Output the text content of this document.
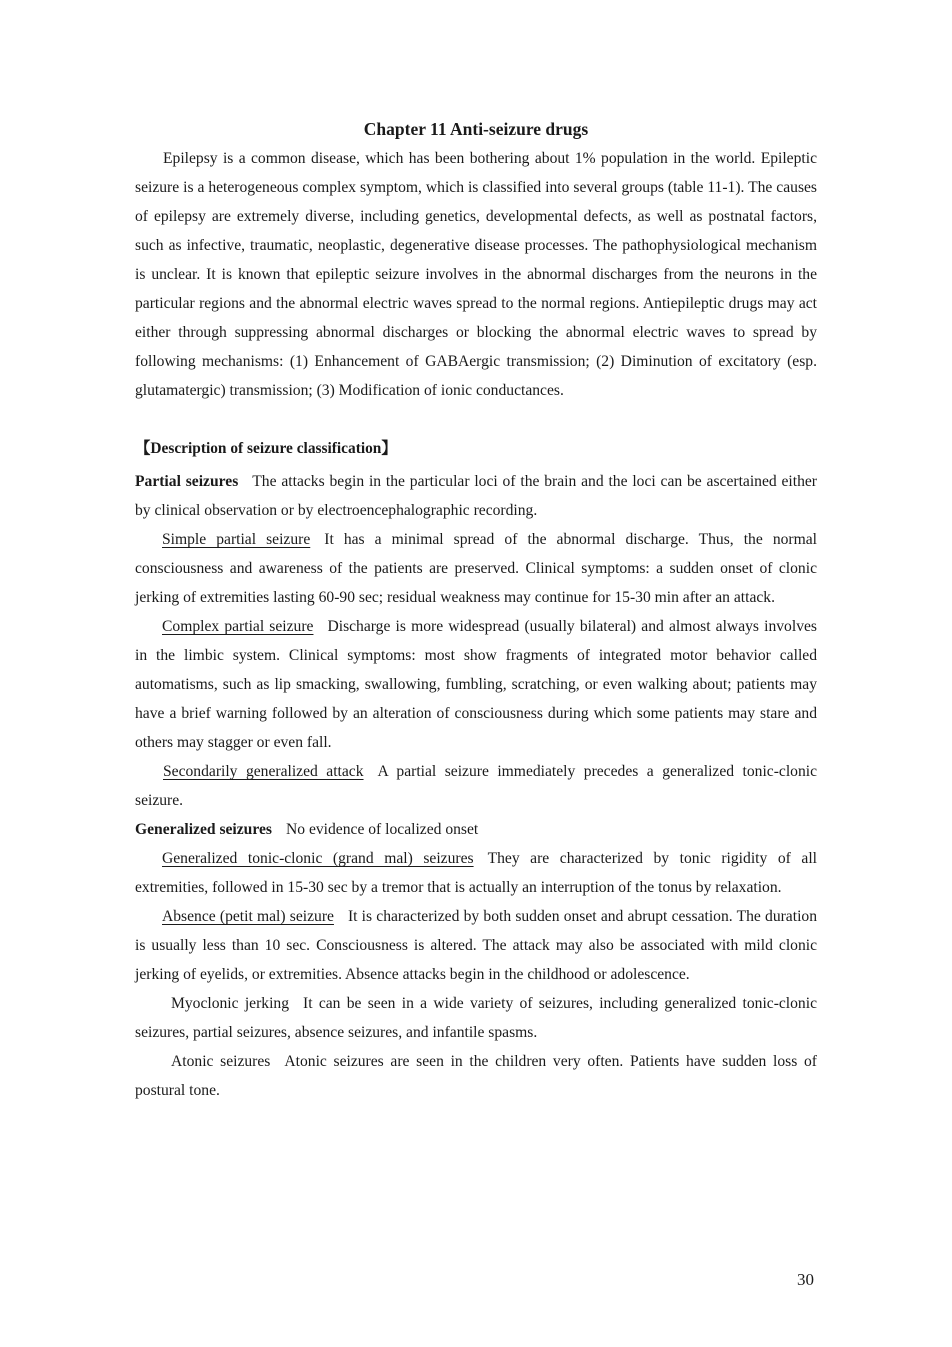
Chapter 11 Anti-seizure drugs

Epilepsy is a common disease, which has been bothering about 1% population in the world. Epileptic seizure is a heterogeneous complex symptom, which is classified into several groups (table 11-1). The causes of epilepsy are extremely diverse, including genetics, developmental defects, as well as postnatal factors, such as infective, traumatic, neoplastic, degenerative disease processes. The pathophysiological mechanism is unclear. It is known that epileptic seizure involves in the abnormal discharges from the neurons in the particular regions and the abnormal electric waves spread to the normal regions. Antiepileptic drugs may act either through suppressing abnormal discharges or blocking the abnormal electric waves to spread by following mechanisms: (1) Enhancement of GABAergic transmission; (2) Diminution of excitatory (esp. glutamatergic) transmission; (3) Modification of ionic conductances.

【Description of seizure classification】

Partial seizures The attacks begin in the particular loci of the brain and the loci can be ascertained either by clinical observation or by electroencephalographic recording.

Simple partial seizure It has a minimal spread of the abnormal discharge. Thus, the normal consciousness and awareness of the patients are preserved. Clinical symptoms: a sudden onset of clonic jerking of extremities lasting 60-90 sec; residual weakness may continue for 15-30 min after an attack.

Complex partial seizure Discharge is more widespread (usually bilateral) and almost always involves in the limbic system. Clinical symptoms: most show fragments of integrated motor behavior called automatisms, such as lip smacking, swallowing, fumbling, scratching, or even walking about; patients may have a brief warning followed by an alteration of consciousness during which some patients may stare and others may stagger or even fall.

Secondarily generalized attack A partial seizure immediately precedes a generalized tonic-clonic seizure.

Generalized seizures No evidence of localized onset

Generalized tonic-clonic (grand mal) seizures They are characterized by tonic rigidity of all extremities, followed in 15-30 sec by a tremor that is actually an interruption of the tonus by relaxation.

Absence (petit mal) seizure It is characterized by both sudden onset and abrupt cessation. The duration is usually less than 10 sec. Consciousness is altered. The attack may also be associated with mild clonic jerking of eyelids, or extremities. Absence attacks begin in the childhood or adolescence.

Myoclonic jerking It can be seen in a wide variety of seizures, including generalized tonic-clonic seizures, partial seizures, absence seizures, and infantile spasms.

Atonic seizures Atonic seizures are seen in the children very often. Patients have sudden loss of postural tone.

30
